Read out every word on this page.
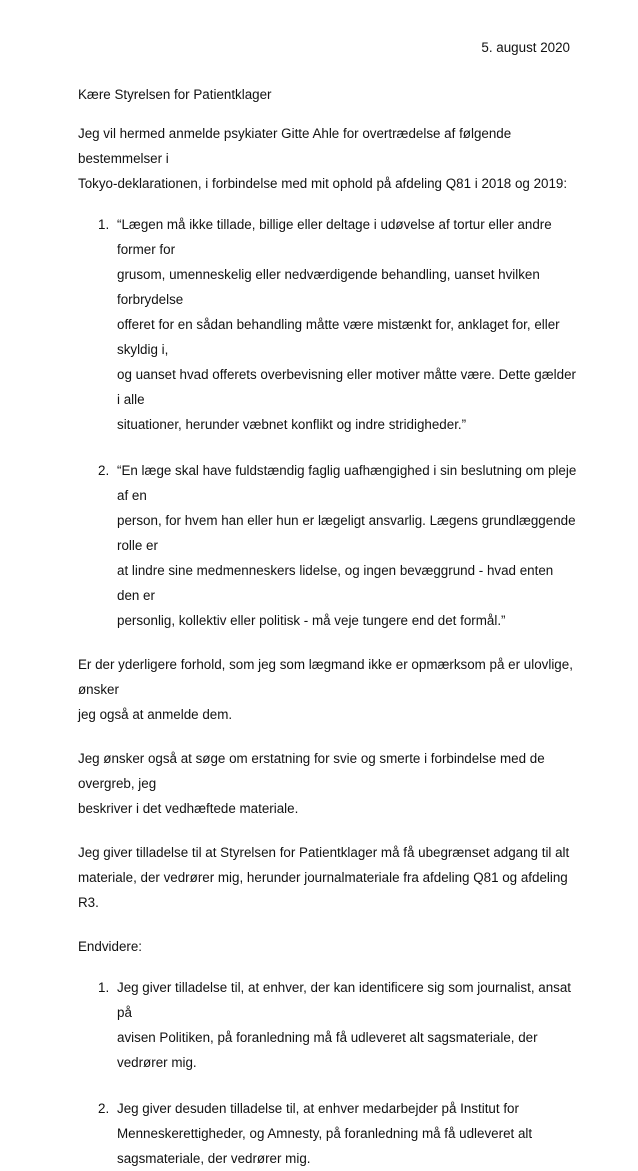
5. august 2020

Kære Styrelsen for Patientklager

Jeg vil hermed anmelde psykiater Gitte Ahle for overtrædelse af følgende bestemmelser i

Tokyo-deklarationen, i forbindelse med mit ophold på afdeling Q81 i 2018 og 2019:

1. “Lægen må ikke tillade, billige eller deltage i udøvelse af tortur eller andre former for
grusom, umenneskelig eller nedværdigende behandling, uanset hvilken forbrydelse
offeret for en sådan behandling måtte være mistænkt for, anklaget for, eller skyldig i,
og uanset hvad offerets overbevisning eller motiver måtte være. Dette gælder i alle
situationer, herunder væbnet konflikt og indre stridigheder.”
2. “En læge skal have fuldstændig faglig uafhængighed i sin beslutning om pleje af en
person, for hvem han eller hun er lægeligt ansvarlig. Lægens grundlæggende rolle er
at lindre sine medmenneskers lidelse, og ingen bevæggrund - hvad enten den er
personlig, kollektiv eller politisk - må veje tungere end det formål.”

Er der yderligere forhold, som jeg som lægmand ikke er opmærksom på er ulovlige, ønsker

jeg også at anmelde dem.

Jeg ønsker også at søge om erstatning for svie og smerte i forbindelse med de overgreb, jeg

beskriver i det vedhæftede materiale.

Jeg giver tilladelse til at Styrelsen for Patientklager må få ubegrænset adgang til alt

materiale, der vedrører mig, herunder journalmateriale fra afdeling Q81 og afdeling R3.

Endvidere:

1. Jeg giver tilladelse til, at enhver, der kan identificere sig som journalist, ansat på
avisen Politiken, på foranledning må få udleveret alt sagsmateriale, der vedrører mig.
2. Jeg giver desuden tilladelse til, at enhver medarbejder på Institut for
Menneskerettigheder, og Amnesty, på foranledning må få udleveret alt
sagsmateriale, der vedrører mig.
